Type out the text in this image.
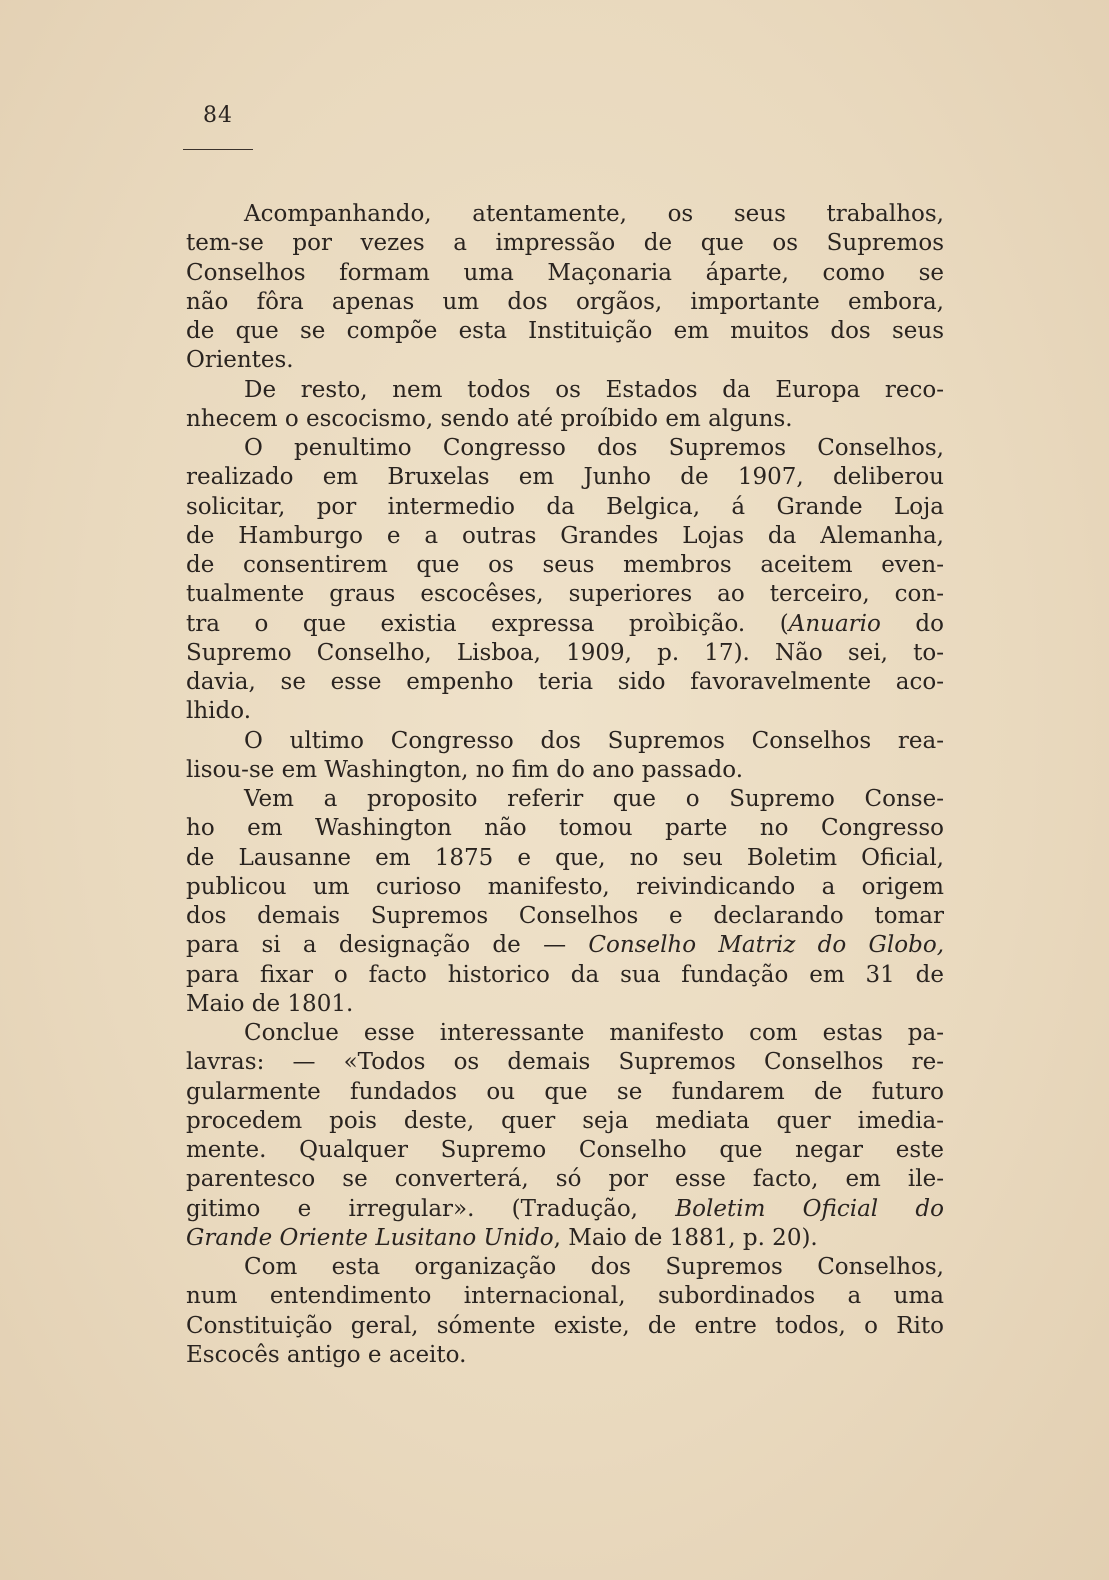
84
Acompanhando, atentamente, os seus trabalhos,
tem-se por vezes a impressão de que os Supremos
Conselhos formam uma Maçonaria áparte, como se
não fôra apenas um dos orgãos, importante embora,
de que se compõe esta Instituição em muitos dos seus
Orientes.
De resto, nem todos os Estados da Europa reco-
nhecem o escocismo, sendo até proíbido em alguns.
O penultimo Congresso dos Supremos Conselhos,
realizado em Bruxelas em Junho de 1907, deliberou
solicitar, por intermedio da Belgica, á Grande Loja
de Hamburgo e a outras Grandes Lojas da Alemanha,
de consentirem que os seus membros aceitem even-
tualmente graus escocêses, superiores ao terceiro, con-
tra o que existia expressa proìbição. (Anuario do
Supremo Conselho, Lisboa, 1909, p. 17). Não sei, to-
davia, se esse empenho teria sido favoravelmente aco-
lhido.
O ultimo Congresso dos Supremos Conselhos rea-
lisou-se em Washington, no fim do ano passado.
Vem a proposito referir que o Supremo Conse-
ho em Washington não tomou parte no Congresso
de Lausanne em 1875 e que, no seu Boletim Oficial,
publicou um curioso manifesto, reivindicando a origem
dos demais Supremos Conselhos e declarando tomar
para si a designação de — Conselho Matriz do Globo,
para fixar o facto historico da sua fundação em 31 de
Maio de 1801.
Conclue esse interessante manifesto com estas pa-
lavras: — «Todos os demais Supremos Conselhos re-
gularmente fundados ou que se fundarem de futuro
procedem pois deste, quer seja mediata quer imedia-
mente. Qualquer Supremo Conselho que negar este
parentesco se converterá, só por esse facto, em ile-
gitimo e irregular». (Tradução, Boletim Oficial do
Grande Oriente Lusitano Unido, Maio de 1881, p. 20).
Com esta organização dos Supremos Conselhos,
num entendimento internacional, subordinados a uma
Constituição geral, sómente existe, de entre todos, o Rito
Escocês antigo e aceito.
